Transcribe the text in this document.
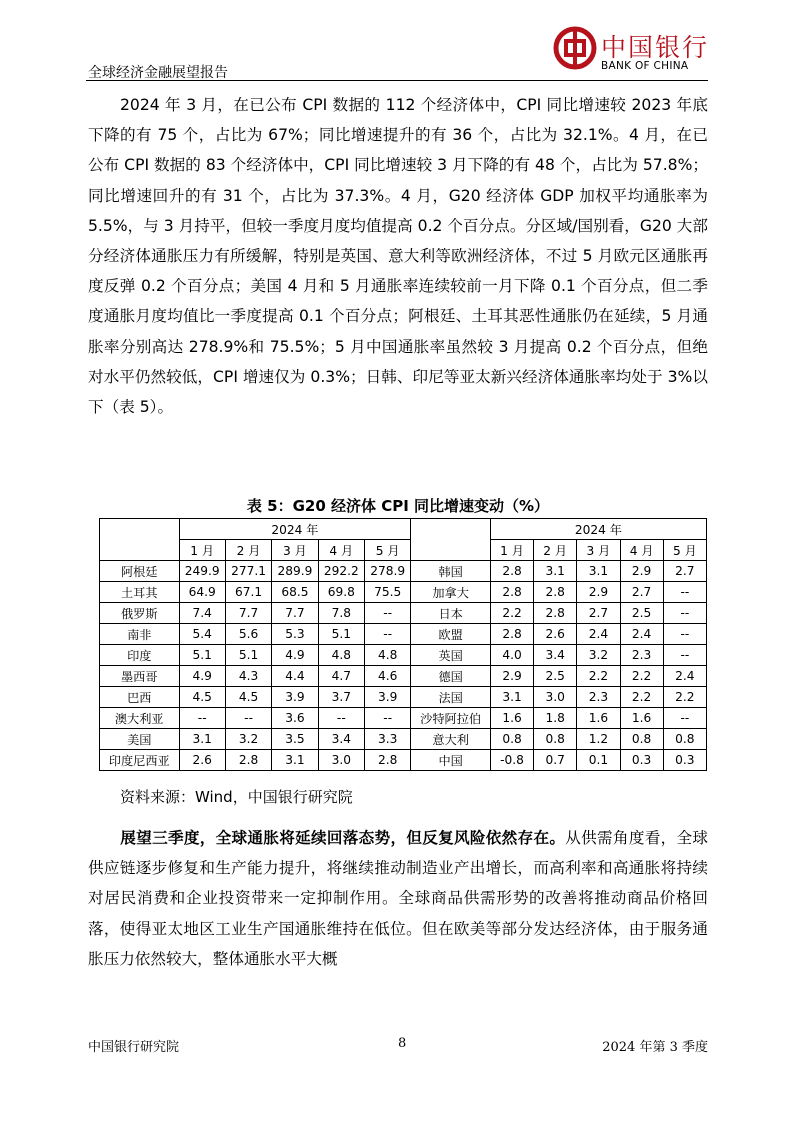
全球经济金融展望报告
中国银行
BANK OF CHINA
2024 年 3 月，在已公布 CPI 数据的 112 个经济体中，CPI 同比增速较 2023 年底下降的有 75 个，占比为 67%；同比增速提升的有 36 个，占比为 32.1%。4 月，在已公布 CPI 数据的 83 个经济体中，CPI 同比增速较 3 月下降的有 48 个，占比为 57.8%；同比增速回升的有 31 个，占比为 37.3%。4 月，G20 经济体 GDP 加权平均通胀率为 5.5%，与 3 月持平，但较一季度月度均值提高 0.2 个百分点。分区域/国别看，G20 大部分经济体通胀压力有所缓解，特别是英国、意大利等欧洲经济体，不过 5 月欧元区通胀再度反弹 0.2 个百分点；美国 4 月和 5 月通胀率连续较前一月下降 0.1 个百分点，但二季度通胀月度均值比一季度提高 0.1 个百分点；阿根廷、土耳其恶性通胀仍在延续，5 月通胀率分别高达 278.9%和 75.5%；5 月中国通胀率虽然较 3 月提高 0.2 个百分点，但绝对水平仍然较低，CPI 增速仅为 0.3%；日韩、印尼等亚太新兴经济体通胀率均处于 3%以下（表 5）。
表 5：G20 经济体 CPI 同比增速变动（%）
	2024 年						2024 年				
	1 月	2 月	3 月	4 月	5 月		1 月	2 月	3 月	4 月	5 月
阿根廷	249.9	277.1	289.9	292.2	278.9	韩国	2.8	3.1	3.1	2.9	2.7
土耳其	64.9	67.1	68.5	69.8	75.5	加拿大	2.8	2.8	2.9	2.7	--
俄罗斯	7.4	7.7	7.7	7.8	--	日本	2.2	2.8	2.7	2.5	--
南非	5.4	5.6	5.3	5.1	--	欧盟	2.8	2.6	2.4	2.4	--
印度	5.1	5.1	4.9	4.8	4.8	英国	4.0	3.4	3.2	2.3	--
墨西哥	4.9	4.3	4.4	4.7	4.6	德国	2.9	2.5	2.2	2.2	2.4
巴西	4.5	4.5	3.9	3.7	3.9	法国	3.1	3.0	2.3	2.2	2.2
澳大利亚	--	--	3.6	--	--	沙特阿拉伯	1.6	1.8	1.6	1.6	--
美国	3.1	3.2	3.5	3.4	3.3	意大利	0.8	0.8	1.2	0.8	0.8
印度尼西亚	2.6	2.8	3.1	3.0	2.8	中国	-0.8	0.7	0.1	0.3	0.3
资料来源：Wind，中国银行研究院
展望三季度，全球通胀将延续回落态势，但反复风险依然存在。从供需角度看，全球供应链逐步修复和生产能力提升，将继续推动制造业产出增长，而高利率和高通胀将持续对居民消费和企业投资带来一定抑制作用。全球商品供需形势的改善将推动商品价格回落，使得亚太地区工业生产国通胀维持在低位。但在欧美等部分发达经济体，由于服务通胀压力依然较大，整体通胀水平大概
中国银行研究院	8	2024 年第 3 季度
